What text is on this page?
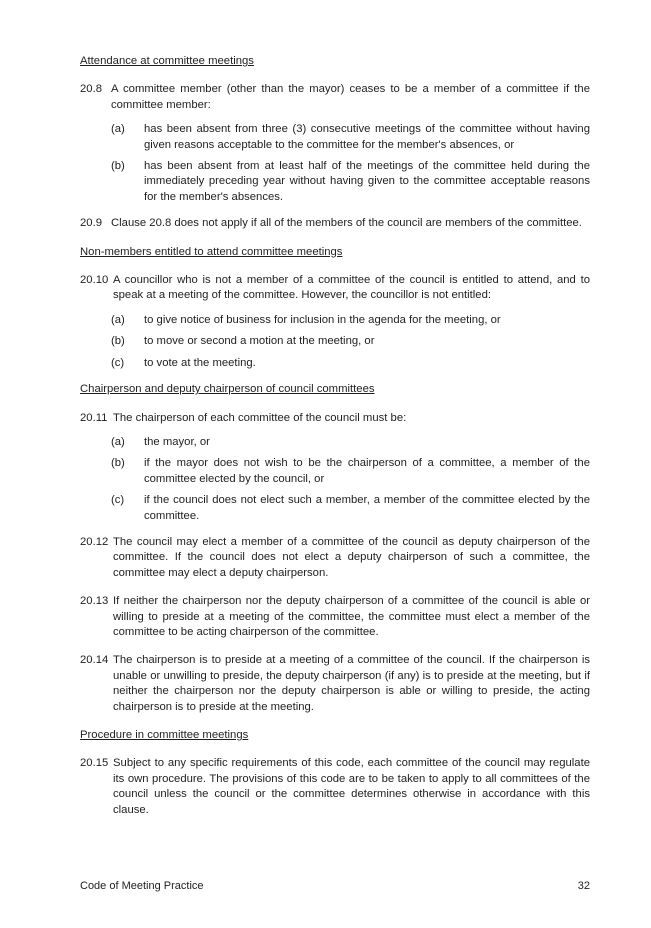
Attendance at committee meetings
20.8 A committee member (other than the mayor) ceases to be a member of a committee if the committee member:
(a)	has been absent from three (3) consecutive meetings of the committee without having given reasons acceptable to the committee for the member's absences, or
(b)	has been absent from at least half of the meetings of the committee held during the immediately preceding year without having given to the committee acceptable reasons for the member's absences.
20.9 Clause 20.8 does not apply if all of the members of the council are members of the committee.
Non-members entitled to attend committee meetings
20.10 A councillor who is not a member of a committee of the council is entitled to attend, and to speak at a meeting of the committee. However, the councillor is not entitled:
(a)	to give notice of business for inclusion in the agenda for the meeting, or
(b)	to move or second a motion at the meeting, or
(c)	to vote at the meeting.
Chairperson and deputy chairperson of council committees
20.11 The chairperson of each committee of the council must be:
(a)	the mayor, or
(b)	if the mayor does not wish to be the chairperson of a committee, a member of the committee elected by the council, or
(c)	if the council does not elect such a member, a member of the committee elected by the committee.
20.12 The council may elect a member of a committee of the council as deputy chairperson of the committee. If the council does not elect a deputy chairperson of such a committee, the committee may elect a deputy chairperson.
20.13 If neither the chairperson nor the deputy chairperson of a committee of the council is able or willing to preside at a meeting of the committee, the committee must elect a member of the committee to be acting chairperson of the committee.
20.14 The chairperson is to preside at a meeting of a committee of the council. If the chairperson is unable or unwilling to preside, the deputy chairperson (if any) is to preside at the meeting, but if neither the chairperson nor the deputy chairperson is able or willing to preside, the acting chairperson is to preside at the meeting.
Procedure in committee meetings
20.15 Subject to any specific requirements of this code, each committee of the council may regulate its own procedure. The provisions of this code are to be taken to apply to all committees of the council unless the council or the committee determines otherwise in accordance with this clause.
Code of Meeting Practice	32
